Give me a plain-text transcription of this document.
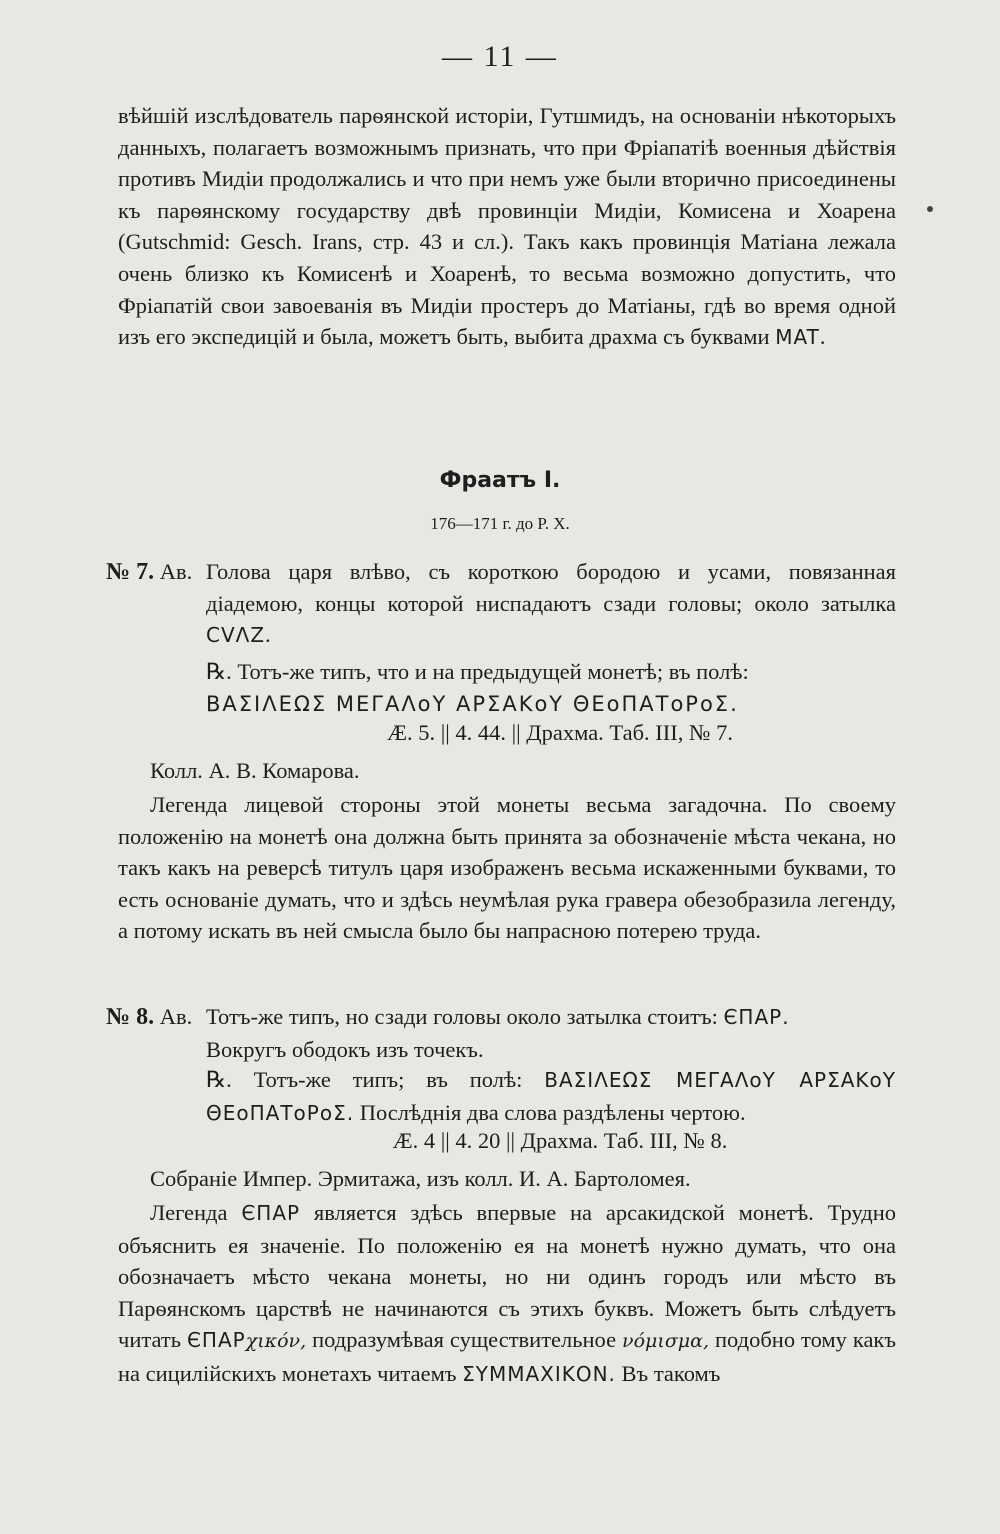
— 11 —

вѣйшій изслѣдователь парѳянской исторіи, Гутшмидъ, на основаніи нѣкоторыхъ данныхъ, полагаетъ возможнымъ признать, что при Фріапатіѣ военныя дѣйствія противъ Мидіи продолжались и что при немъ уже были вторично присоединены къ парѳянскому государству двѣ провинціи Мидіи, Комисена и Хоарена (Gutschmid: Gesch. Irans, стр. 43 и сл.). Такъ какъ провинція Матіана лежала очень близко къ Комисенѣ и Хоаренѣ, то весьма возможно допустить, что Фріапатій свои завоеванія въ Мидіи простеръ до Матіаны, гдѣ во время одной изъ его экспедицій и была, можетъ быть, выбита драхма съ буквами MAT.

Фраатъ I.
176—171 г. до Р. Х.
№ 7. Ав. Голова царя влѣво, съ короткою бородою и усами, повязанная діадемою, концы которой ниспадаютъ сзади головы; около затылка CVΛZ.
℞. Тотъ-же типъ, что и на предыдущей монетѣ; въ полѣ:
ΒΑΣΙΛΕΩΣ ΜΕΓΑΛoΥ ΑΡΣΑΚoΥ ΘΕoΠΑΤoΡoΣ.
Æ. 5. || 4. 44. || Драхма. Таб. III, № 7.
Колл. А. В. Комарова.

Легенда лицевой стороны этой монеты весьма загадочна. По своему положенію на монетѣ она должна быть принята за обозначеніе мѣста чекана, но такъ какъ на реверсѣ титулъ царя изображенъ весьма искаженными буквами, то есть основаніе думать, что и здѣсь неумѣлая рука гравера обезобразила легенду, а потому искать въ ней смысла было бы напрасною потерею труда.

№ 8. Ав. Тотъ-же типъ, но сзади головы около затылка стоитъ: ЄΠΑΡ.
Вокругъ ободокъ изъ точекъ.
℞. Тотъ-же типъ; въ полѣ: ΒΑΣΙΛΕΩΣ ΜΕΓΑΛoΥ ΑΡΣΑΚoΥ ΘΕoΠΑΤoΡoΣ. Послѣднія два слова раздѣлены чертою.
Æ. 4 || 4. 20 || Драхма. Таб. III, № 8.
Собраніе Импер. Эрмитажа, изъ колл. И. А. Бартоломея.

Легенда ЄΠΑΡ является здѣсь впервые на арсакидской монетѣ. Трудно объяснить ея значеніе. По положенію ея на монетѣ нужно думать, что она обозначаетъ мѣсто чекана монеты, но ни одинъ городъ или мѣсто въ Парѳянскомъ царствѣ не начинаются съ этихъ буквъ. Можетъ быть слѣдуетъ читать ЄΠΑΡχικόν, подразумѣвая существительное νόμισμα, подобно тому какъ на сицилійскихъ монетахъ читаемъ ΣΥΜΜΑΧΙΚΟΝ. Въ такомъ
